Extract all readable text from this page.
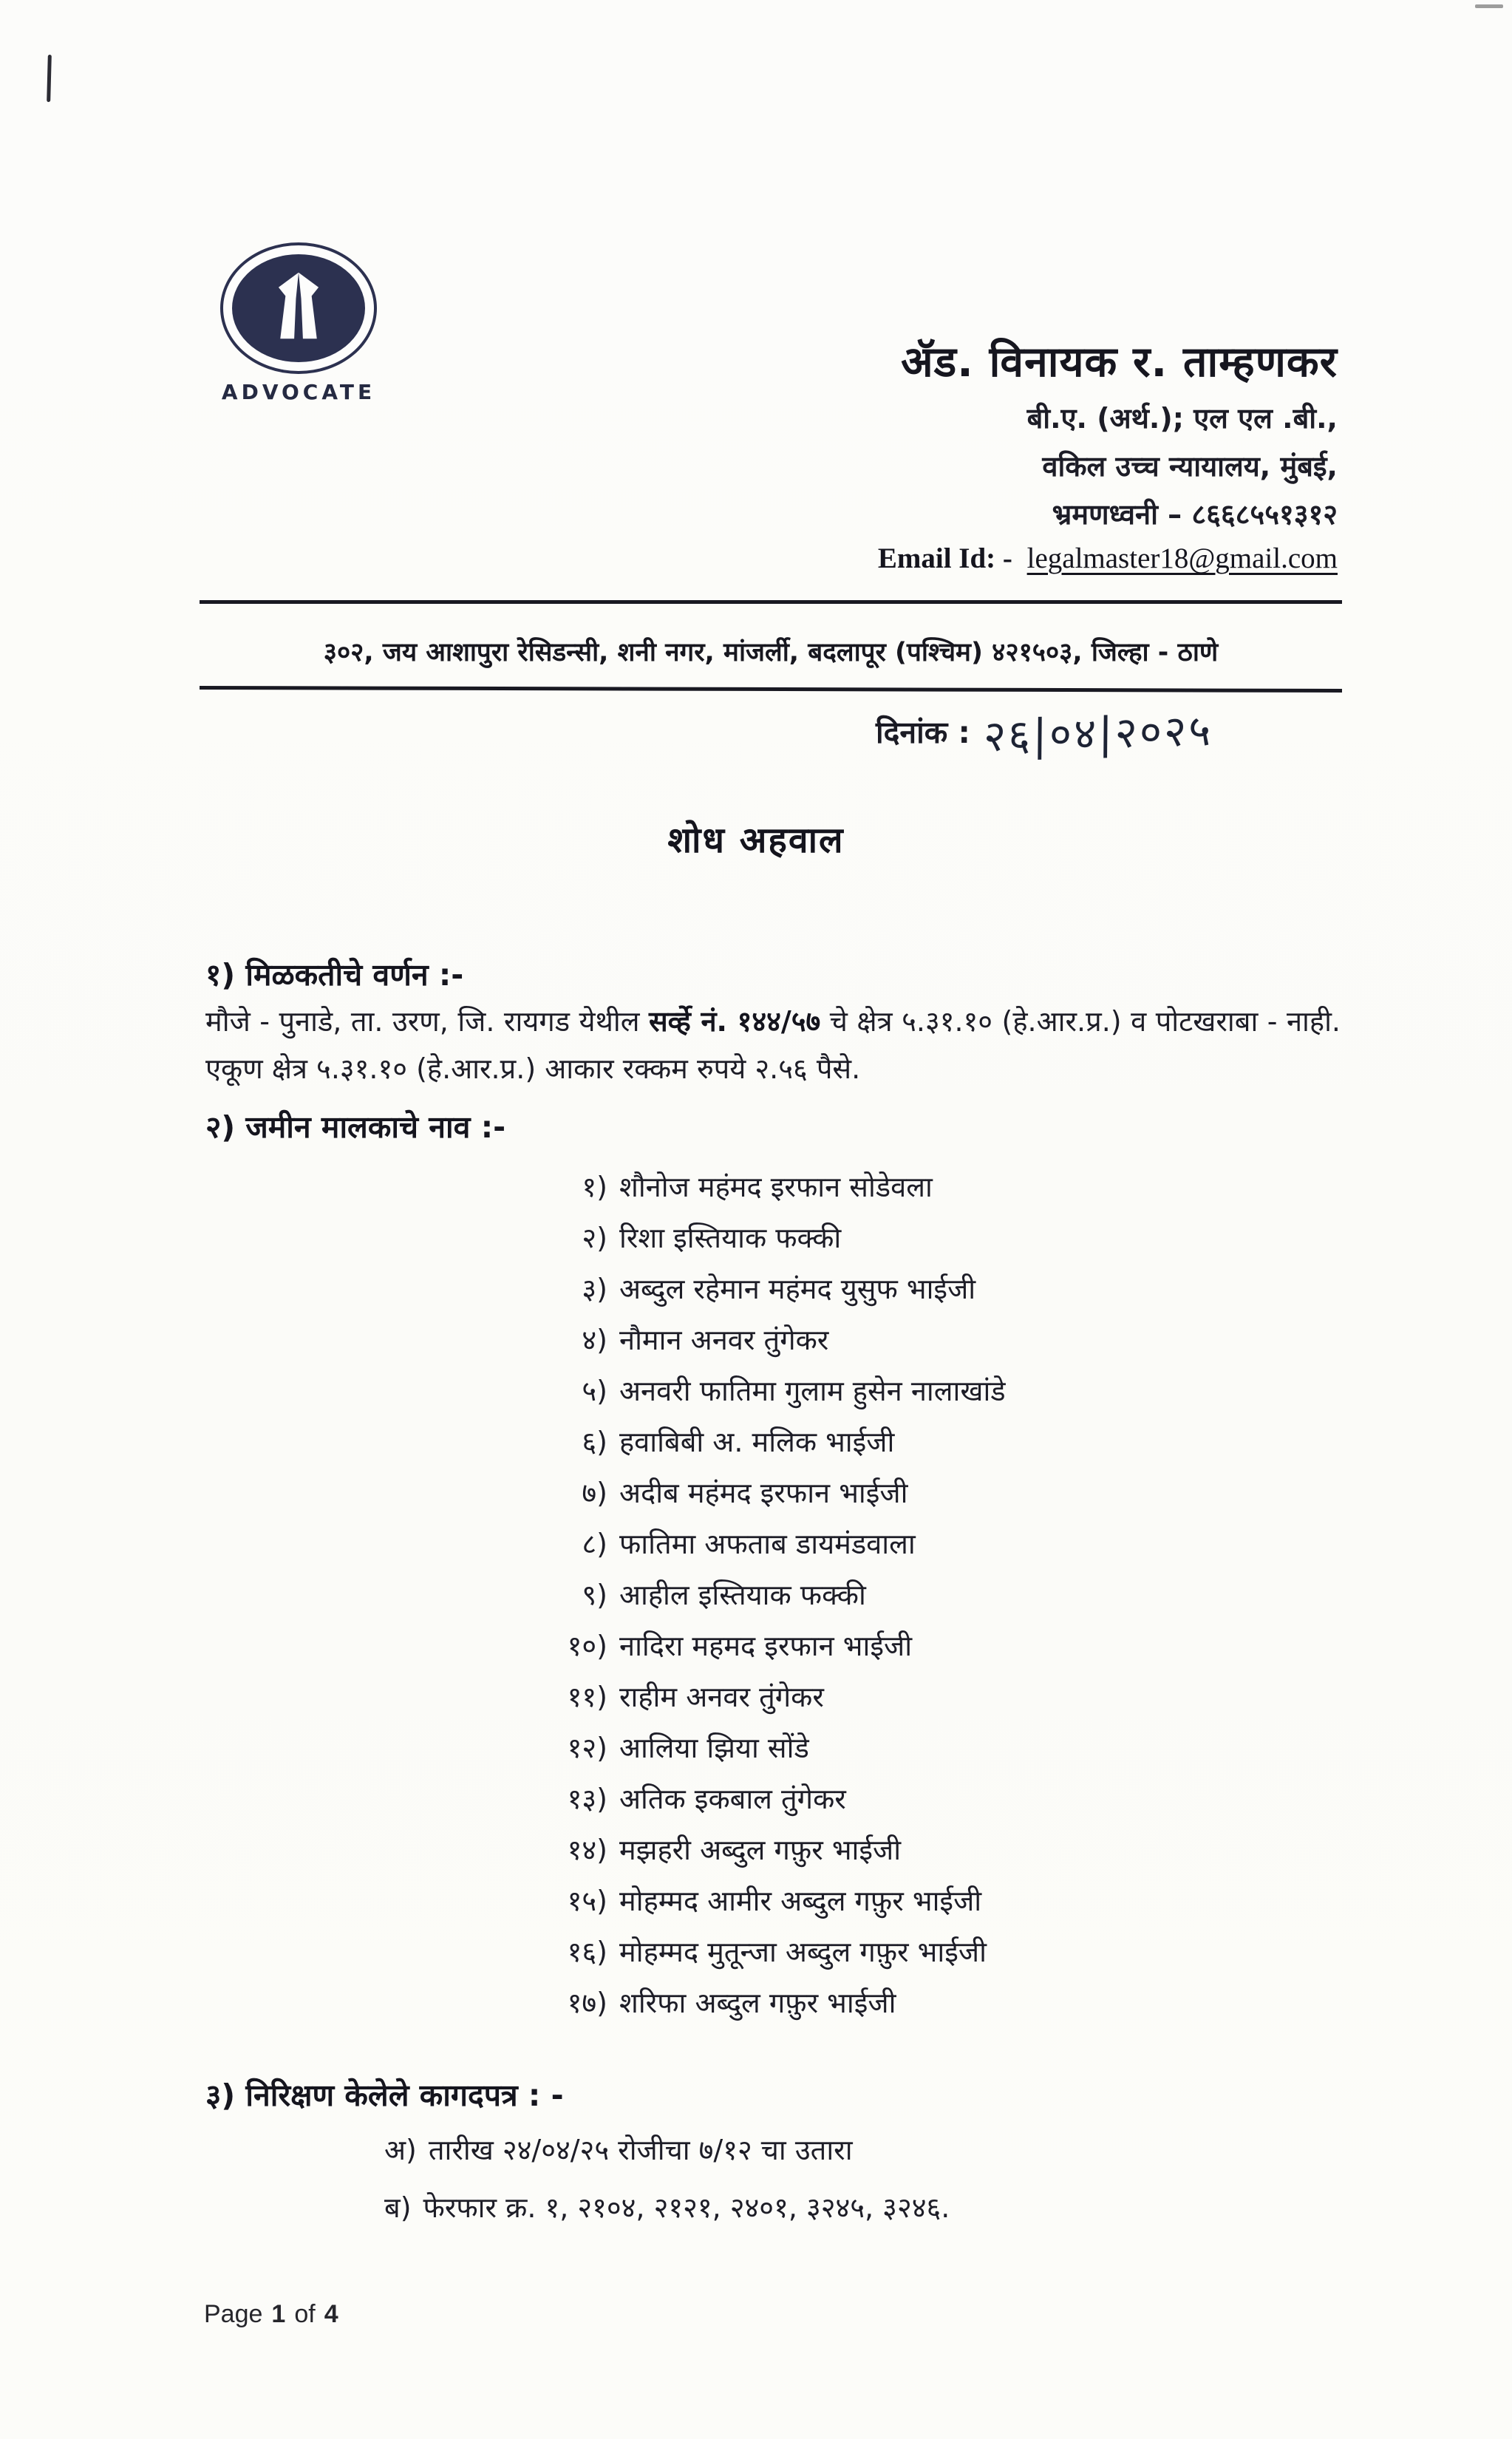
ADVOCATE
ॲड. विनायक र. ताम्हणकर
बी.ए. (अर्थ.); एल एल .बी.,
वकिल उच्च न्यायालय, मुंबई,
भ्रमणध्वनी – ८६६८५५१३१२
Email Id: - legalmaster18@gmail.com
३०२, जय आशापुरा रेसिडन्सी, शनी नगर, मांजर्ली, बदलापूर (पश्चिम) ४२१५०३, जिल्हा - ठाणे
दिनांक : २६|०४|२०२५
शोध अहवाल
१) मिळकतीचे वर्णन :-

मौजे - पुनाडे, ता. उरण, जि. रायगड येथील सर्व्हे नं. १४४/५७ चे क्षेत्र ५.३१.१० (हे.आर.प्र.) व पोटखराबा - नाही. एकूण क्षेत्र ५.३१.१० (हे.आर.प्र.) आकार रक्कम रुपये २.५६ पैसे.

२) जमीन मालकाचे नाव :-
१) शौनोज महंमद इरफान सोडेवला
२) रिशा इस्तियाक फक्की
३) अब्दुल रहेमान महंमद युसुफ भाईजी
४) नौमान अनवर तुंगेकर
५) अनवरी फातिमा गुलाम हुसेन नालाखांडे
६) हवाबिबी अ. मलिक भाईजी
७) अदीब महंमद इरफान भाईजी
८) फातिमा अफताब डायमंडवाला
९) आहील इस्तियाक फक्की
१०) नादिरा महमद इरफान भाईजी
११) राहीम अनवर तुंगेकर
१२) आलिया झिया सोंडे
१३) अतिक इकबाल तुंगेकर
१४) मझहरी अब्दुल गफ़ुर भाईजी
१५) मोहम्मद आमीर अब्दुल गफ़ुर भाईजी
१६) मोहम्मद मुतून्जा अब्दुल गफ़ुर भाईजी
१७) शरिफा अब्दुल गफ़ुर भाईजी
३) निरिक्षण केलेले कागदपत्र : -
अ) तारीख २४/०४/२५ रोजीचा ७/१२ चा उतारा
ब) फेरफार क्र. १, २१०४, २१२१, २४०१, ३२४५, ३२४६.
Page 1 of 4
